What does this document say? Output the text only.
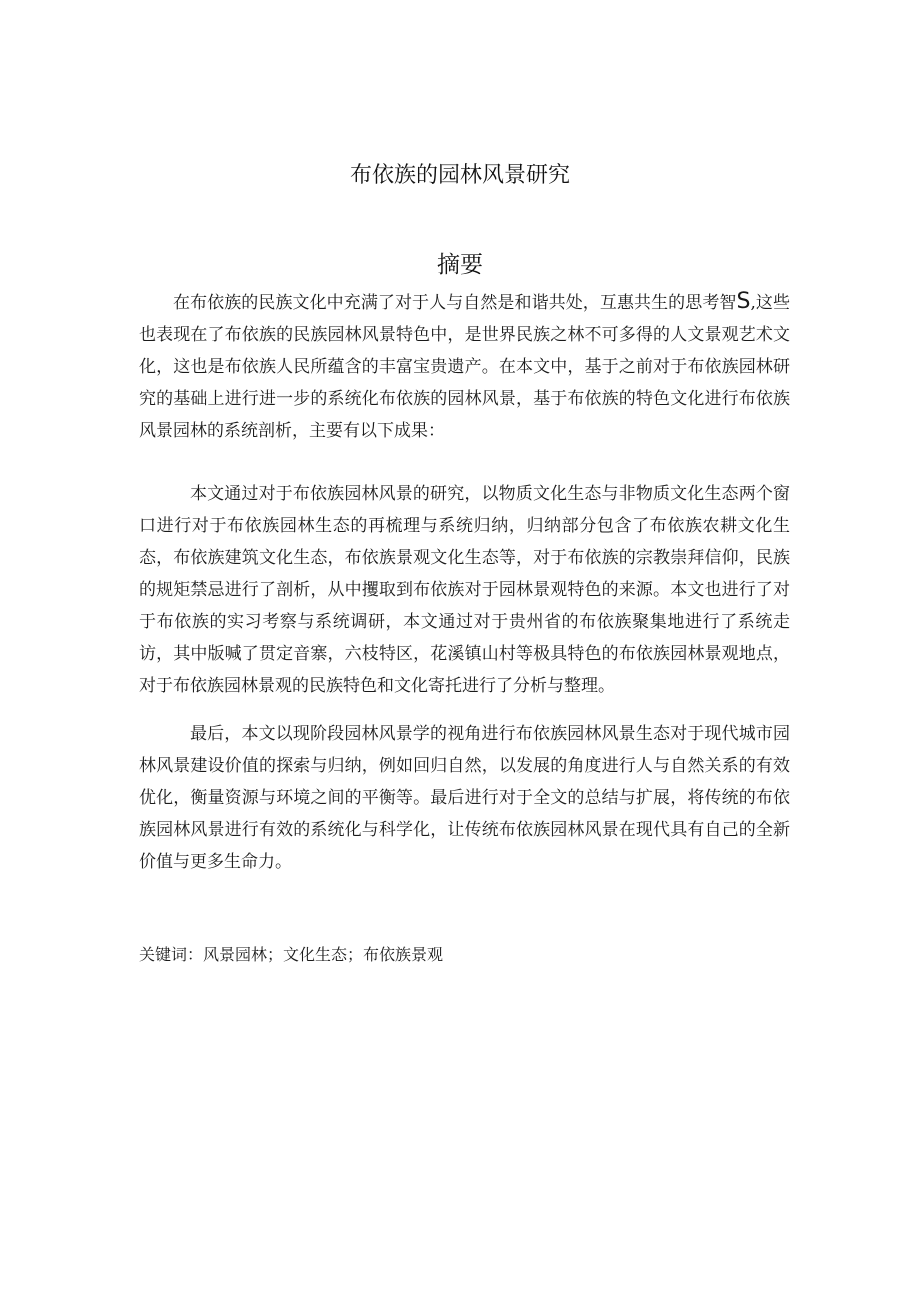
布依族的园林风景研究
摘要
在布依族的民族文化中充满了对于人与自然是和谐共处，互惠共生的思考智S,这些也表现在了布依族的民族园林风景特色中，是世界民族之林不可多得的人文景观艺术文化，这也是布依族人民所蕴含的丰富宝贵遗产。在本文中，基于之前对于布依族园林研究的基础上进行进一步的系统化布依族的园林风景，基于布依族的特色文化进行布依族风景园林的系统剖析，主要有以下成果：
本文通过对于布依族园林风景的研究，以物质文化生态与非物质文化生态两个窗口进行对于布依族园林生态的再梳理与系统归纳，归纳部分包含了布依族农耕文化生态，布依族建筑文化生态，布依族景观文化生态等，对于布依族的宗教崇拜信仰，民族的规矩禁忌进行了剖析，从中攫取到布依族对于园林景观特色的来源。本文也进行了对于布依族的实习考察与系统调研，本文通过对于贵州省的布依族聚集地进行了系统走访，其中版喊了贯定音寨，六枝特区，花溪镇山村等极具特色的布依族园林景观地点，对于布依族园林景观的民族特色和文化寄托进行了分析与整理。
最后，本文以现阶段园林风景学的视角进行布依族园林风景生态对于现代城市园林风景建设价值的探索与归纳，例如回归自然，以发展的角度进行人与自然关系的有效优化，衡量资源与环境之间的平衡等。最后进行对于全文的总结与扩展，将传统的布依族园林风景进行有效的系统化与科学化，让传统布依族园林风景在现代具有自己的全新价值与更多生命力。
关键词：风景园林；文化生态；布依族景观
